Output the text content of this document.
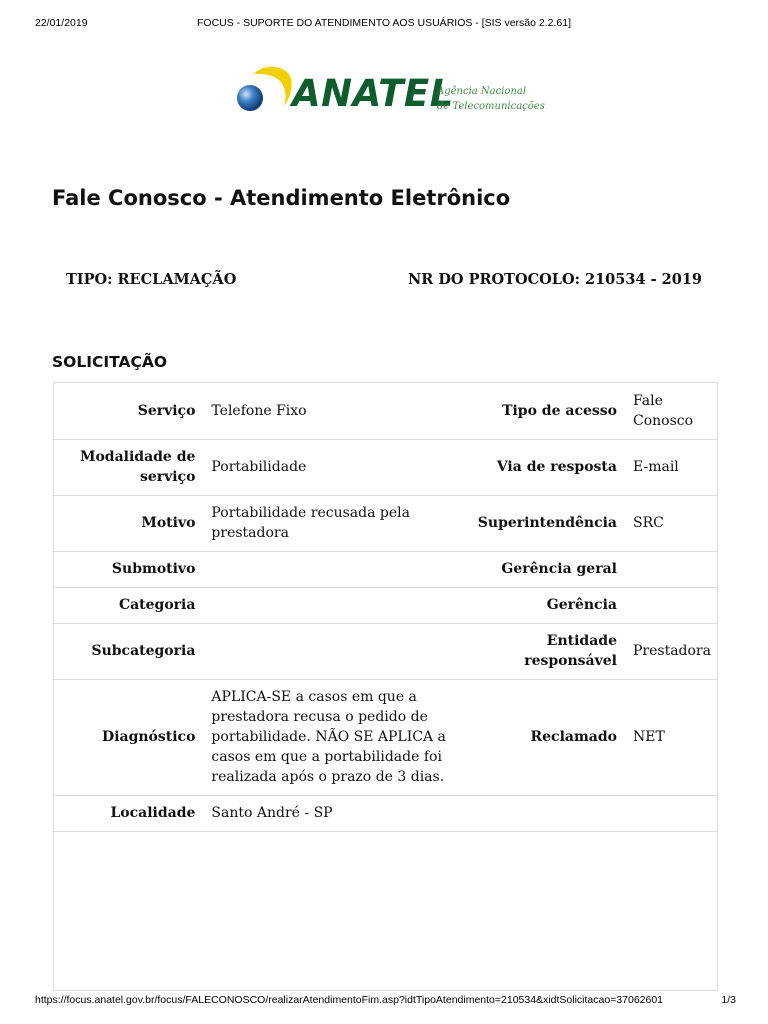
22/01/2019	FOCUS - SUPORTE DO ATENDIMENTO AOS USUÁRIOS - [SIS versão 2.2.61]
ANATEL
Agência Nacional
de Telecomunicações
Fale Conosco - Atendimento Eletrônico
TIPO: RECLAMAÇÃO	NR DO PROTOCOLO: 210534 - 2019
SOLICITAÇÃO
Serviço	Telefone Fixo	Tipo de acesso	Fale Conosco
Modalidade de serviço	Portabilidade	Via de resposta	E-mail
Motivo	Portabilidade recusada pela prestadora	Superintendência	SRC
Submotivo		Gerência geral	
Categoria		Gerência	
Subcategoria		Entidade responsável	Prestadora
Diagnóstico	APLICA-SE a casos em que a prestadora recusa o pedido de portabilidade. NÃO SE APLICA a casos em que a portabilidade foi realizada após o prazo de 3 dias.	Reclamado	NET
Localidade	Santo André - SP		
https://focus.anatel.gov.br/focus/FALECONOSCO/realizarAtendimentoFim.asp?idtTipoAtendimento=210534&xidtSolicitacao=37062601	1/3
